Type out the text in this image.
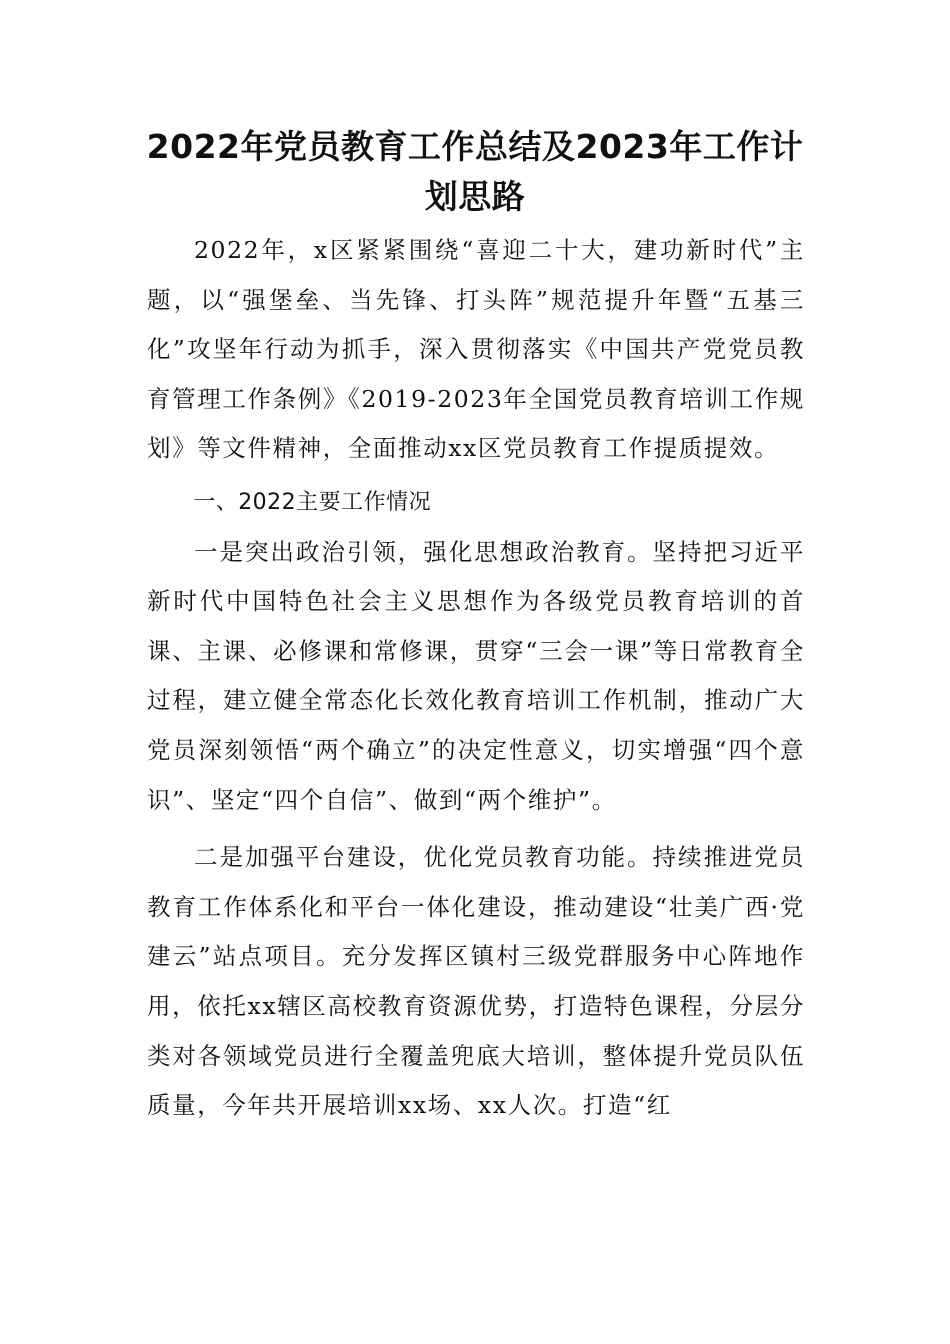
2022年党员教育工作总结及2023年工作计划思路

2022年，x区紧紧围绕“喜迎二十大，建功新时代”主题，以“强堡垒、当先锋、打头阵”规范提升年暨“五基三化”攻坚年行动为抓手，深入贯彻落实《中国共产党党员教育管理工作条例》《2019-2023年全国党员教育培训工作规划》等文件精神，全面推动xx区党员教育工作提质提效。

一、2022主要工作情况

一是突出政治引领，强化思想政治教育。坚持把习近平新时代中国特色社会主义思想作为各级党员教育培训的首课、主课、必修课和常修课，贯穿“三会一课”等日常教育全过程，建立健全常态化长效化教育培训工作机制，推动广大党员深刻领悟“两个确立”的决定性意义，切实增强“四个意识”、坚定“四个自信”、做到“两个维护”。

二是加强平台建设，优化党员教育功能。持续推进党员教育工作体系化和平台一体化建设，推动建设“壮美广西·党建云”站点项目。充分发挥区镇村三级党群服务中心阵地作用，依托xx辖区高校教育资源优势，打造特色课程，分层分类对各领域党员进行全覆盖兜底大培训，整体提升党员队伍质量，今年共开展培训xx场、xx人次。打造“红
